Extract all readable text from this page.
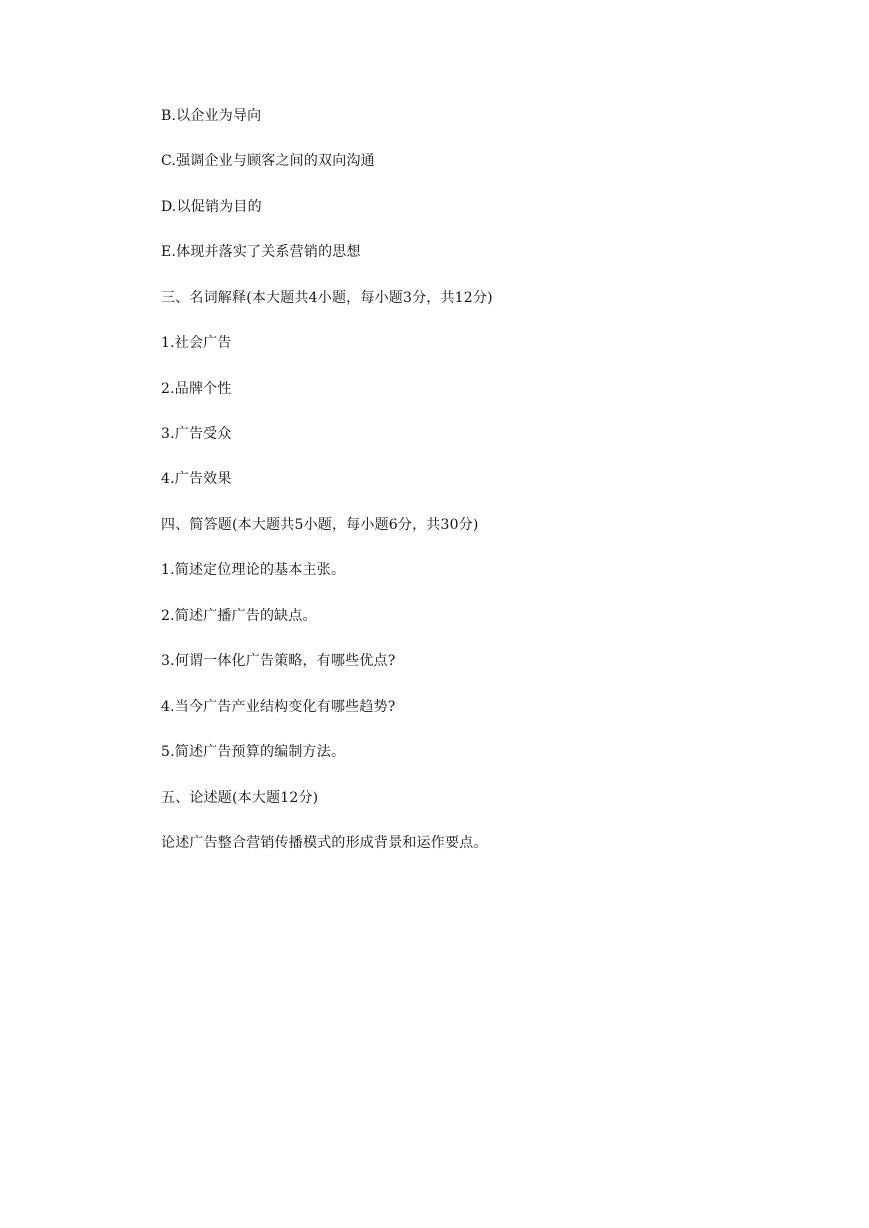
B.以企业为导向

C.强调企业与顾客之间的双向沟通

D.以促销为目的

E.体现并落实了关系营销的思想

三、名词解释(本大题共4小题，每小题3分，共12分)

1.社会广告

2.品牌个性

3.广告受众

4.广告效果

四、简答题(本大题共5小题，每小题6分，共30分)

1.简述定位理论的基本主张。

2.简述广播广告的缺点。

3.何谓一体化广告策略，有哪些优点?

4.当今广告产业结构变化有哪些趋势?

5.简述广告预算的编制方法。

五、论述题(本大题12分)

论述广告整合营销传播模式的形成背景和运作要点。
